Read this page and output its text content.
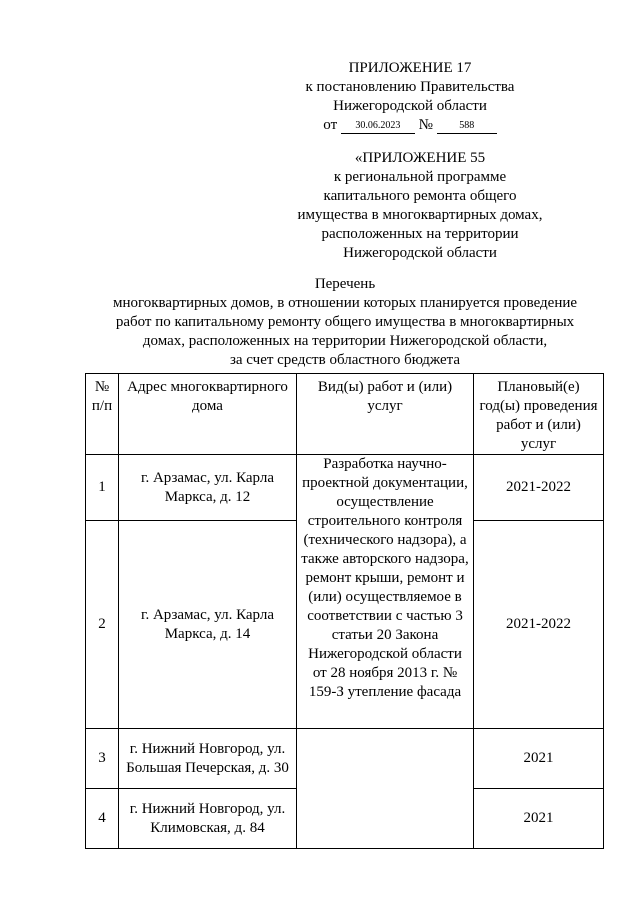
ПРИЛОЖЕНИЕ 17
к постановлению Правительства
Нижегородской области
от 30.06.2023 №	588
«ПРИЛОЖЕНИЕ 55
к региональной программе
капитального ремонта общего
имущества в многоквартирных домах,
расположенных на территории
Нижегородской области
Перечень
многоквартирных домов, в отношении которых планируется проведение
работ по капитальному ремонту общего имущества в многоквартирных
домах, расположенных на территории Нижегородской области,
за счет средств областного бюджета
№ п/п	Адрес многоквартирного дома	Вид(ы) работ и (или) услуг	Плановый(е) год(ы) проведения работ и (или) услуг
1	г. Арзамас, ул. Карла Маркса, д. 12	Разработка научно-проектной документации, осуществление строительного контроля (технического надзора), а также авторского надзора, ремонт крыши, ремонт и (или) осуществляемое в соответствии с частью 3 статьи 20 Закона Нижегородской области от 28 ноября 2013 г. № 159-З утепление фасада	2021-2022
2	г. Арзамас, ул. Карла Маркса, д. 14		2021-2022
3	г. Нижний Новгород, ул. Большая Печерская, д. 30		2021
4	г. Нижний Новгород, ул. Климовская, д. 84		2021
